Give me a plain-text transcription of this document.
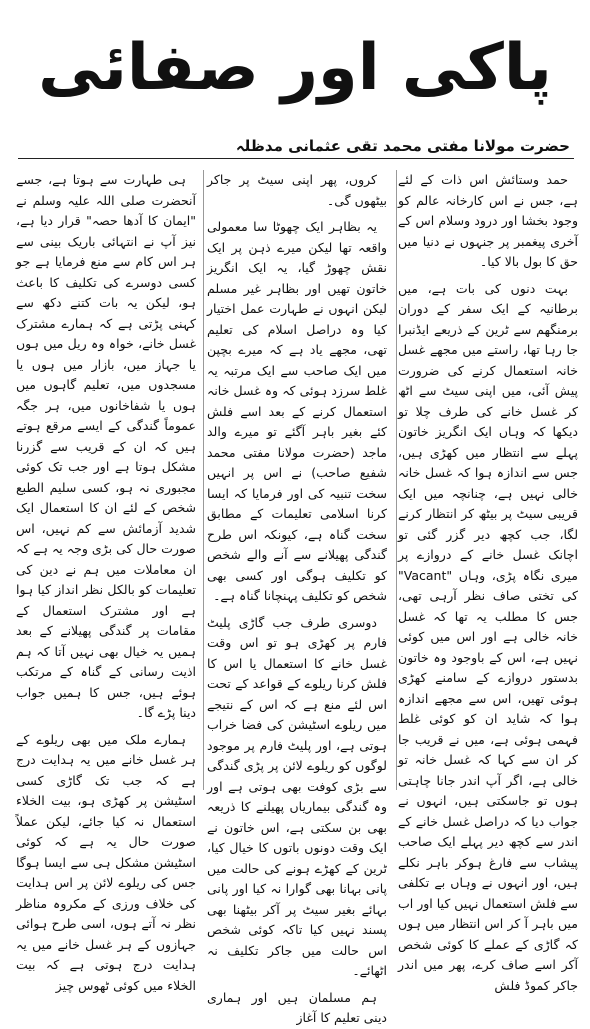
پاکی اور صفائی
حضرت مولانا مفتی محمد تقی عثمانی مدظلہ

حمد وستائش اس ذات کے لئے ہے، جس نے اس کارخانہ عالم کو وجود بخشا اور درود وسلام اس کے آخری پیغمبر پر جنہوں نے دنیا میں حق کا بول بالا کیا۔

بہت دنوں کی بات ہے، میں برطانیہ کے ایک سفر کے دوران برمنگھم سے ٹرین کے ذریعے ایڈنبرا جا رہا تھا، راستے میں مجھے غسل خانہ استعمال کرنے کی ضرورت پیش آئی، میں اپنی سیٹ سے اٹھ کر غسل خانے کی طرف چلا تو دیکھا کہ وہاں ایک انگریز خاتون پہلے سے انتظار میں کھڑی ہیں، جس سے اندازہ ہوا کہ غسل خانہ خالی نہیں ہے، چنانچہ میں ایک قریبی سیٹ پر بیٹھ کر انتظار کرنے لگا، جب کچھ دیر گزر گئی تو اچانک غسل خانے کے دروازے پر میری نگاہ پڑی، وہاں "Vacant" کی تختی صاف نظر آرہی تھی، جس کا مطلب یہ تھا کہ غسل خانہ خالی ہے اور اس میں کوئی نہیں ہے، اس کے باوجود وہ خاتون بدستور دروازے کے سامنے کھڑی ہوئی تھیں، اس سے مجھے اندازہ ہوا کہ شاید ان کو کوئی غلط فہمی ہوئی ہے، میں نے قریب جا کر ان سے کہا کہ غسل خانہ تو خالی ہے، اگر آپ اندر جانا چاہتی ہوں تو جاسکتی ہیں، انہوں نے جواب دیا کہ دراصل غسل خانے کے اندر سے کچھ دیر پہلے ایک صاحب پیشاب سے فارغ ہوکر باہر نکلے ہیں، اور انہوں نے وہاں بے تکلفی سے فلش استعمال نہیں کیا اور اب میں باہر آ کر اس انتظار میں ہوں کہ گاڑی کے عملے کا کوئی شخص آکر اسے صاف کرے، پھر میں اندر جاکر کموڈ فلش

کروں، پھر اپنی سیٹ پر جاکر بیٹھوں گی۔

یہ بظاہر ایک چھوٹا سا معمولی واقعہ تھا لیکن میرے ذہن پر ایک نقش چھوڑ گیا، یہ ایک انگریز خاتون تھیں اور بظاہر غیر مسلم لیکن انہوں نے طہارت عمل اختیار کیا وہ دراصل اسلام کی تعلیم تھی، مجھے یاد ہے کہ میرے بچپن میں ایک صاحب سے ایک مرتبہ یہ غلط سرزد ہوئی کہ وہ غسل خانہ استعمال کرنے کے بعد اسے فلش کئے بغیر باہر آگئے تو میرے والد ماجد (حضرت مولانا مفتی محمد شفیع صاحب) نے اس پر انہیں سخت تنبیہ کی اور فرمایا کہ ایسا کرنا اسلامی تعلیمات کے مطابق سخت گناہ ہے، کیونکہ اس طرح گندگی پھیلانے سے آنے والے شخص کو تکلیف ہوگی اور کسی بھی شخص کو تکلیف پہنچانا گناہ ہے۔

دوسری طرف جب گاڑی پلیٹ فارم پر کھڑی ہو تو اس وقت غسل خانے کا استعمال یا اس کا فلش کرنا ریلوے کے قواعد کے تحت اس لئے منع ہے کہ اس کے نتیجے میں ریلوے اسٹیشن کی فضا خراب ہوتی ہے، اور پلیٹ فارم پر موجود لوگوں کو ریلوے لائن پر پڑی گندگی سے بڑی کوفت بھی ہوتی ہے اور وہ گندگی بیماریاں پھیلنے کا ذریعہ بھی بن سکتی ہے، اس خاتون نے ایک وقت دونوں باتوں کا خیال کیا، ٹرین کے کھڑے ہونے کی حالت میں پانی بہانا بھی گوارا نہ کیا اور پانی بہائے بغیر سیٹ پر آکر بیٹھنا بھی پسند نہیں کیا تاکہ کوئی شخص اس حالت میں جاکر تکلیف نہ اٹھائے۔

ہم مسلمان ہیں اور ہماری دینی تعلیم کا آغاز

ہی طہارت سے ہوتا ہے، جسے آنحضرت صلی اللہ علیہ وسلم نے "ایمان کا آدھا حصہ" قرار دیا ہے، نیز آپ نے انتہائی باریک بینی سے ہر اس کام سے منع فرمایا ہے جو کسی دوسرے کی تکلیف کا باعث ہو، لیکن یہ بات کتنے دکھ سے کہنی پڑتی ہے کہ ہمارے مشترک غسل خانے، خواہ وہ ریل میں ہوں یا جہاز میں، بازار میں ہوں یا مسجدوں میں، تعلیم گاہوں میں ہوں یا شفاخانوں میں، ہر جگہ عموماً گندگی کے ایسے مرقع ہوتے ہیں کہ ان کے قریب سے گزرنا مشکل ہوتا ہے اور جب تک کوئی مجبوری نہ ہو، کسی سلیم الطبع شخص کے لئے ان کا استعمال ایک شدید آزمائش سے کم نہیں، اس صورت حال کی بڑی وجہ یہ ہے کہ ان معاملات میں ہم نے دین کی تعلیمات کو بالکل نظر انداز کیا ہوا ہے اور مشترک استعمال کے مقامات پر گندگی پھیلانے کے بعد ہمیں یہ خیال بھی نہیں آتا کہ ہم اذیت رسانی کے گناہ کے مرتکب ہوئے ہیں، جس کا ہمیں جواب دینا پڑے گا۔

ہمارے ملک میں بھی ریلوے کے ہر غسل خانے میں یہ ہدایت درج ہے کہ جب تک گاڑی کسی اسٹیشن پر کھڑی ہو، بیت الخلاء استعمال نہ کیا جائے، لیکن عملاً صورت حال یہ ہے کہ کوئی اسٹیشن مشکل ہی سے ایسا ہوگا جس کی ریلوے لائن پر اس ہدایت کی خلاف ورزی کے مکروہ مناظر نظر نہ آتے ہوں، اسی طرح ہوائی جہازوں کے ہر غسل خانے میں یہ ہدایت درج ہوتی ہے کہ بیت الخلاء میں کوئی ٹھوس چیز
